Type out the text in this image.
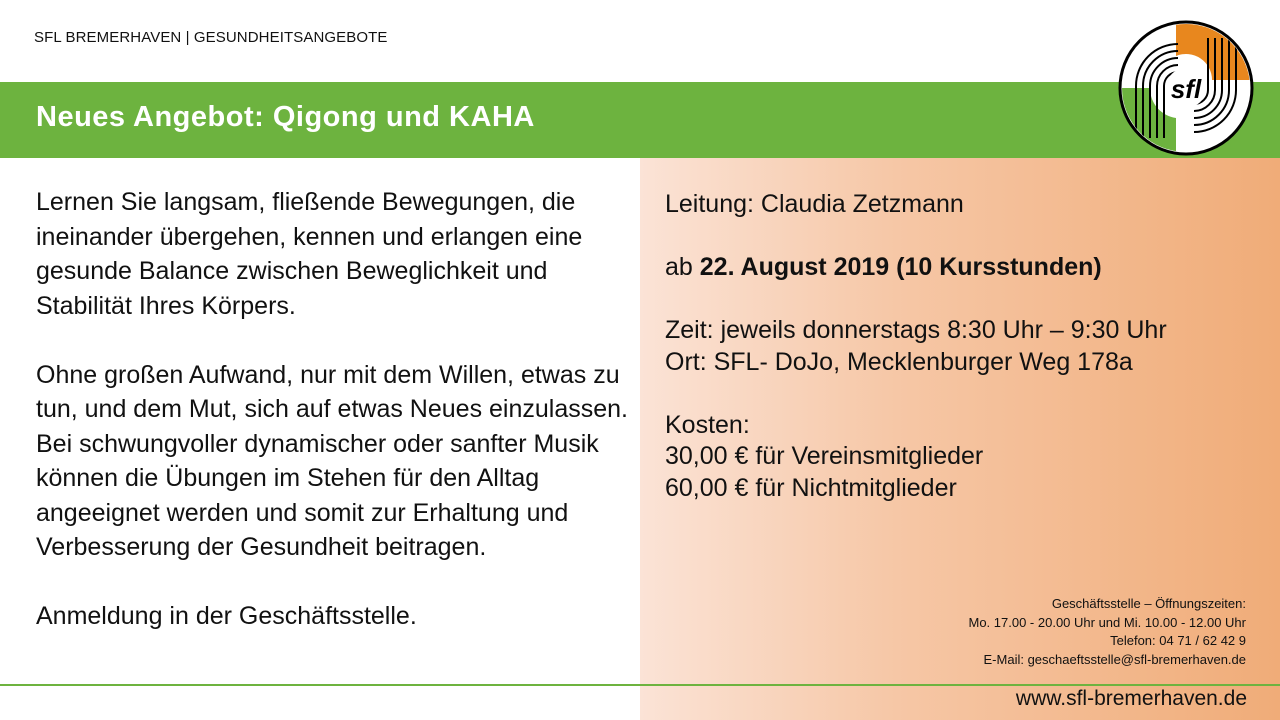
SFL BREMERHAVEN | GESUNDHEITSANGEBOTE
Neues Angebot: Qigong und KAHA

Lernen Sie langsam, fließende Bewegungen, die ineinander übergehen, kennen und erlangen eine gesunde Balance zwischen Beweglichkeit und Stabilität Ihres Körpers.

Ohne großen Aufwand, nur mit dem Willen, etwas zu tun, und dem Mut, sich auf etwas Neues einzulassen. Bei schwungvoller dynamischer oder sanfter Musik können die Übungen im Stehen für den Alltag angeeignet werden und somit zur Erhaltung und Verbesserung der Gesundheit beitragen.

Anmeldung in der Geschäftsstelle.

Leitung: Claudia Zetzmann
ab 22. August 2019 (10 Kursstunden)
Zeit: jeweils donnerstags 8:30 Uhr – 9:30 Uhr
Ort: SFL- DoJo, Mecklenburger Weg 178a
Kosten:
30,00 € für Vereinsmitglieder
60,00 € für Nichtmitglieder
Geschäftsstelle – Öffnungszeiten:
Mo. 17.00 - 20.00 Uhr und Mi. 10.00 - 12.00 Uhr
Telefon: 04 71 / 62 42 9
E-Mail: geschaeftsstelle@sfl-bremerhaven.de
www.sfl-bremerhaven.de
sfl
